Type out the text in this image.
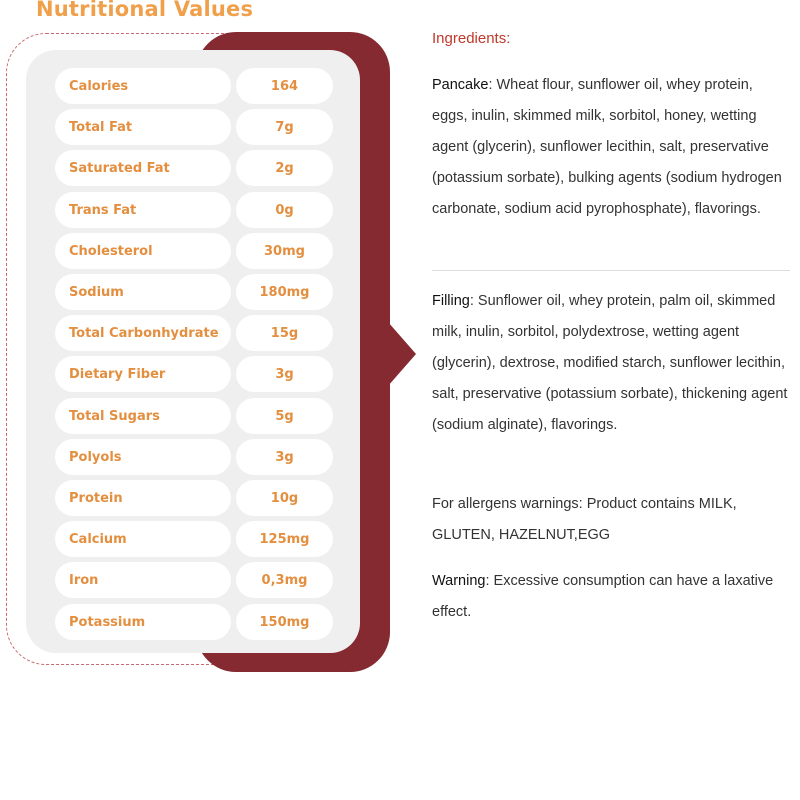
Nutritional Values
Calories	164
Total Fat	7g
Saturated Fat	2g
Trans Fat	0g
Cholesterol	30mg
Sodium	180mg
Total Carbonhydrate	15g
Dietary Fiber	3g
Total Sugars	5g
Polyols	3g
Protein	10g
Calcium	125mg
Iron	0,3mg
Potassium	150mg

Ingredients:

Pancake: Wheat flour, sunflower oil, whey protein, eggs, inulin, skimmed milk, sorbitol, honey, wetting agent (glycerin), sunflower lecithin, salt, preservative (potassium sorbate), bulking agents (sodium hydrogen carbonate, sodium acid pyrophosphate), flavorings.

Filling: Sunflower oil, whey protein, palm oil, skimmed milk, inulin, sorbitol, polydextrose, wetting agent (glycerin), dextrose, modified starch, sunflower lecithin, salt, preservative (potassium sorbate), thickening agent (sodium alginate), flavorings.

For allergens warnings: Product contains MILK, GLUTEN, HAZELNUT,EGG

Warning: Excessive consumption can have a laxative effect.
